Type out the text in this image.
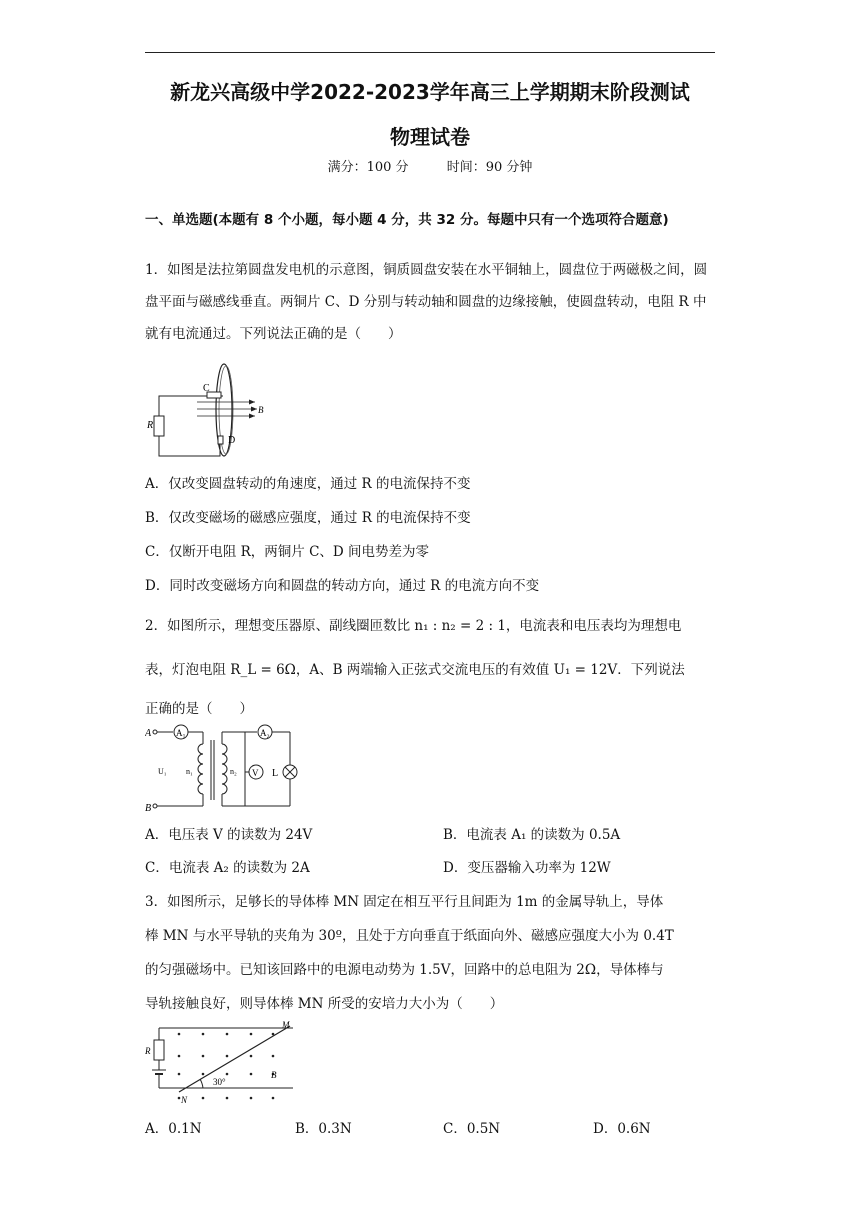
新龙兴高级中学2022-2023学年高三上学期期末阶段测试
物理试卷
满分：100 分	时间：90 分钟
一、单选题(本题有 8 个小题，每小题 4 分，共 32 分。每题中只有一个选项符合题意)
1．如图是法拉第圆盘发电机的示意图，铜质圆盘安装在水平铜轴上，圆盘位于两磁极之间，圆盘平面与磁感线垂直。两铜片 C、D 分别与转动轴和圆盘的边缘接触，使圆盘转动，电阻 R 中就有电流通过。下列说法正确的是（　　）
C
D
R
B
A．仅改变圆盘转动的角速度，通过 R 的电流保持不变
B．仅改变磁场的磁感应强度，通过 R 的电流保持不变
C．仅断开电阻 R，两铜片 C、D 间电势差为零
D．同时改变磁场方向和圆盘的转动方向，通过 R 的电流方向不变
2．如图所示，理想变压器原、副线圈匝数比 n₁ : n₂ = 2 : 1，电流表和电压表均为理想电
表，灯泡电阻 R_L = 6Ω，A、B 两端输入正弦式交流电压的有效值 U₁ = 12V．下列说法
正确的是（　　）
A₁	A₂
V L
A
B
U₁ n₁	n₂
A．电压表 V 的读数为 24V	B．电流表 A₁ 的读数为 0.5A
C．电流表 A₂ 的读数为 2A	D．变压器输入功率为 12W
3．如图所示，足够长的导体棒 MN 固定在相互平行且间距为 1m 的金属导轨上，导体
棒 MN 与水平导轨的夹角为 30º，且处于方向垂直于纸面向外、磁感应强度大小为 0.4T
的匀强磁场中。已知该回路中的电源电动势为 1.5V，回路中的总电阻为 2Ω，导体棒与
导轨接触良好，则导体棒 MN 所受的安培力大小为（　　）
M
N
R
B
30°
A．0.1N	B．0.3N	C．0.5N	D．0.6N
